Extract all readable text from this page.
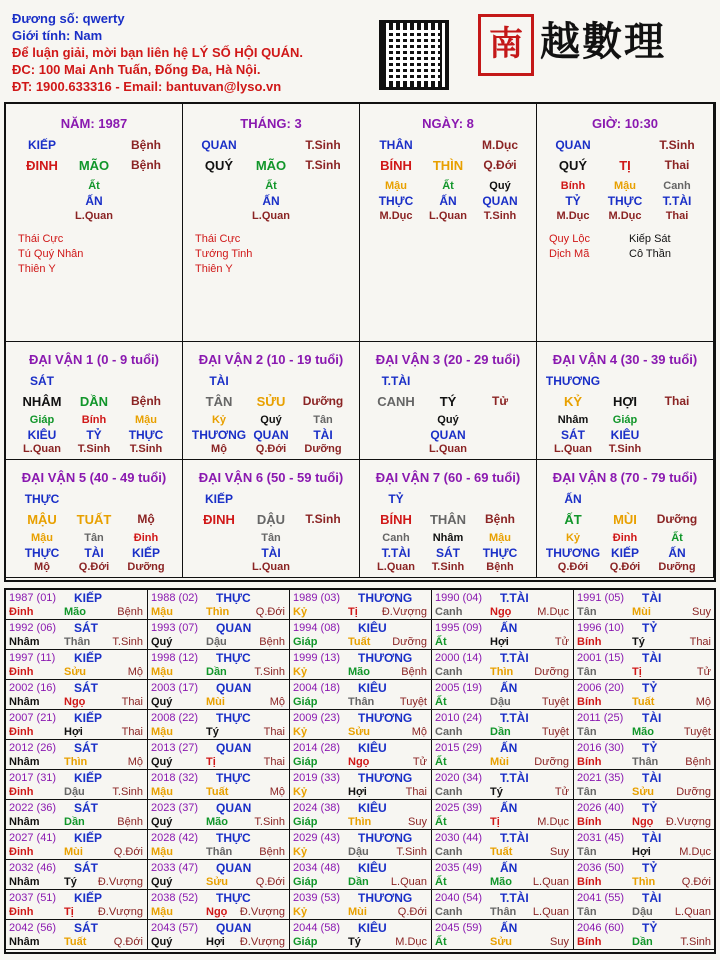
Đương số: qwerty
Giới tính: Nam
Để luận giải, mời bạn liên hệ LÝ SỐ HỘI QUÁN.
ĐC: 100 Mai Anh Tuấn, Đống Đa, Hà Nội.
ĐT: 1900.633316 - Email: bantuvan@lyso.vn
南 越數理
NĂM: 1987
KIẾP	Bệnh
ĐINH	MÃO	Bệnh
Ất
ẤN
L.Quan
Thái Cực
Tú Quý Nhân
Thiên Y
THÁNG: 3
QUAN	T.Sinh
QUÝ	MÃO	T.Sinh
Ất
ẤN
L.Quan
Thái Cực
Tướng Tinh
Thiên Y
NGÀY: 8
THÂN	M.Dục
BÍNH	THÌN	Q.Đới
Mậu
THỰC
M.Dục
Ất
ẤN
L.Quan
Quý
QUAN
T.Sinh
GIỜ: 10:30
QUAN	T.Sinh
QUÝ	TỊ	Thai
Bính
TỶ
M.Dục
Mậu
THỰC
M.Dục
Canh
T.TÀI
Thai
Quy Lộc
Dịch Mã
Kiếp Sát
Cô Thần
ĐẠI VẬN 1 (0 - 9 tuổi)
SÁT
NHÂM	DẦN	Bệnh
Giáp
KIÊU
L.Quan
Bính
TỶ
T.Sinh
Mậu
THỰC
T.Sinh
ĐẠI VẬN 2 (10 - 19 tuổi)
TÀI
TÂN	SỬU	Dưỡng
Kỷ
THƯƠNG
Mộ
Quý
QUAN
Q.Đới
Tân
TÀI
Dưỡng
ĐẠI VẬN 3 (20 - 29 tuổi)
T.TÀI
CANH	TÝ	Tử
Quý
QUAN
L.Quan
ĐẠI VẬN 4 (30 - 39 tuổi)
THƯƠNG
KỶ	HỢI	Thai
Nhâm
SÁT
L.Quan
Giáp
KIÊU
T.Sinh
ĐẠI VẬN 5 (40 - 49 tuổi)
THỰC
MẬU	TUẤT	Mộ
Mậu
THỰC
Mộ
Tân
TÀI
Q.Đới
Đinh
KIẾP
Dưỡng
ĐẠI VẬN 6 (50 - 59 tuổi)
KIẾP
ĐINH	DẬU	T.Sinh
Tân
TÀI
L.Quan
ĐẠI VẬN 7 (60 - 69 tuổi)
TỶ
BÍNH	THÂN	Bệnh
Canh
T.TÀI
L.Quan
Nhâm
SÁT
T.Sinh
Mậu
THỰC
Bệnh
ĐẠI VẬN 8 (70 - 79 tuổi)
ẤN
ẤT	MÙI	Dưỡng
Kỷ
THƯƠNG
Q.Đới
Đinh
KIẾP
Q.Đới
Ất
ẤN
Dưỡng
1987 (01) KIẾP
Đinh	Mão	Bệnh
1988 (02) THỰC
Mậu	Thìn Q.Đới
1989 (03) THƯƠNG
Kỷ	Tị Đ.Vượng
1990 (04) T.TÀI
Canh	Ngọ M.Dục
1991 (05) TÀI
Tân	Mùi	Suy
1992 (06) SÁT
Nhâm Thân T.Sinh
1993 (07) QUAN
Quý	Dậu	Bệnh
1994 (08) KIÊU
Giáp	Tuất Dưỡng
1995 (09) ẤN
Ất	Hợi	Tử
1996 (10) TỶ
Bính	Tý	Thai
1997 (11) KIẾP
Đinh	Sửu	Mộ
1998 (12) THỰC
Mậu	Dần	T.Sinh
1999 (13) THƯƠNG
Kỷ	Mão	Bệnh
2000 (14) T.TÀI
Canh	Thìn Dưỡng
2001 (15) TÀI
Tân	Tị	Tử
2002 (16) SÁT
Nhâm Ngọ	Thai
2003 (17) QUAN
Quý	Mùi	Mộ
2004 (18) KIÊU
Giáp	Thân Tuyệt
2005 (19) ẤN
Ất	Dậu	Tuyệt
2006 (20) TỶ
Bính	Tuất	Mộ
2007 (21) KIẾP
Đinh	Hợi	Thai
2008 (22) THỰC
Mậu	Tý	Thai
2009 (23) THƯƠNG
Kỷ	Sửu	Mộ
2010 (24) T.TÀI
Canh	Dần	Tuyệt
2011 (25) TÀI
Tân	Mão	Tuyệt
2012 (26) SÁT
Nhâm Thìn	Mộ
2013 (27) QUAN
Quý	Tị	Thai
2014 (28) KIÊU
Giáp	Ngọ	Tử
2015 (29) ẤN
Ất	Mùi Dưỡng
2016 (30) TỶ
Bính	Thân Bệnh
2017 (31) KIẾP
Đinh	Dậu	T.Sinh
2018 (32) THỰC
Mậu	Tuất	Mộ
2019 (33) THƯƠNG
Kỷ	Hợi	Thai
2020 (34) T.TÀI
Canh	Tý	Tử
2021 (35) TÀI
Tân	Sửu Dưỡng
2022 (36) SÁT
Nhâm Dần	Bệnh
2023 (37) QUAN
Quý	Mão T.Sinh
2024 (38) KIÊU
Giáp	Thìn	Suy
2025 (39) ẤN
Ất	Tị	M.Dục
2026 (40) TỶ
Bính	Ngọ Đ.Vượng
2027 (41) KIẾP
Đinh	Mùi	Q.Đới
2028 (42) THỰC
Mậu	Thân Bệnh
2029 (43) THƯƠNG
Kỷ	Dậu	T.Sinh
2030 (44) T.TÀI
Canh	Tuất	Suy
2031 (45) TÀI
Tân	Hợi	M.Dục
2032 (46) SÁT
Nhâm Tý Đ.Vượng
2033 (47) QUAN
Quý	Sửu	Q.Đới
2034 (48) KIÊU
Giáp	Dần L.Quan
2035 (49) ẤN
Ất	Mão L.Quan
2036 (50) TỶ
Bính	Thìn Q.Đới
2037 (51) KIẾP
Đinh	Tị Đ.Vượng
2038 (52) THỰC
Mậu	Ngọ Đ.Vượng
2039 (53) THƯƠNG
Kỷ	Mùi	Q.Đới
2040 (54) T.TÀI
Canh	Thân L.Quan
2041 (55) TÀI
Tân	Dậu L.Quan
2042 (56) SÁT
Nhâm Tuất Q.Đới
2043 (57) QUAN
Quý	Hợi Đ.Vượng
2044 (58) KIÊU
Giáp	Tý	M.Dục
2045 (59) ẤN
Ất	Sửu	Suy
2046 (60) TỶ
Bính	Dần	T.Sinh
